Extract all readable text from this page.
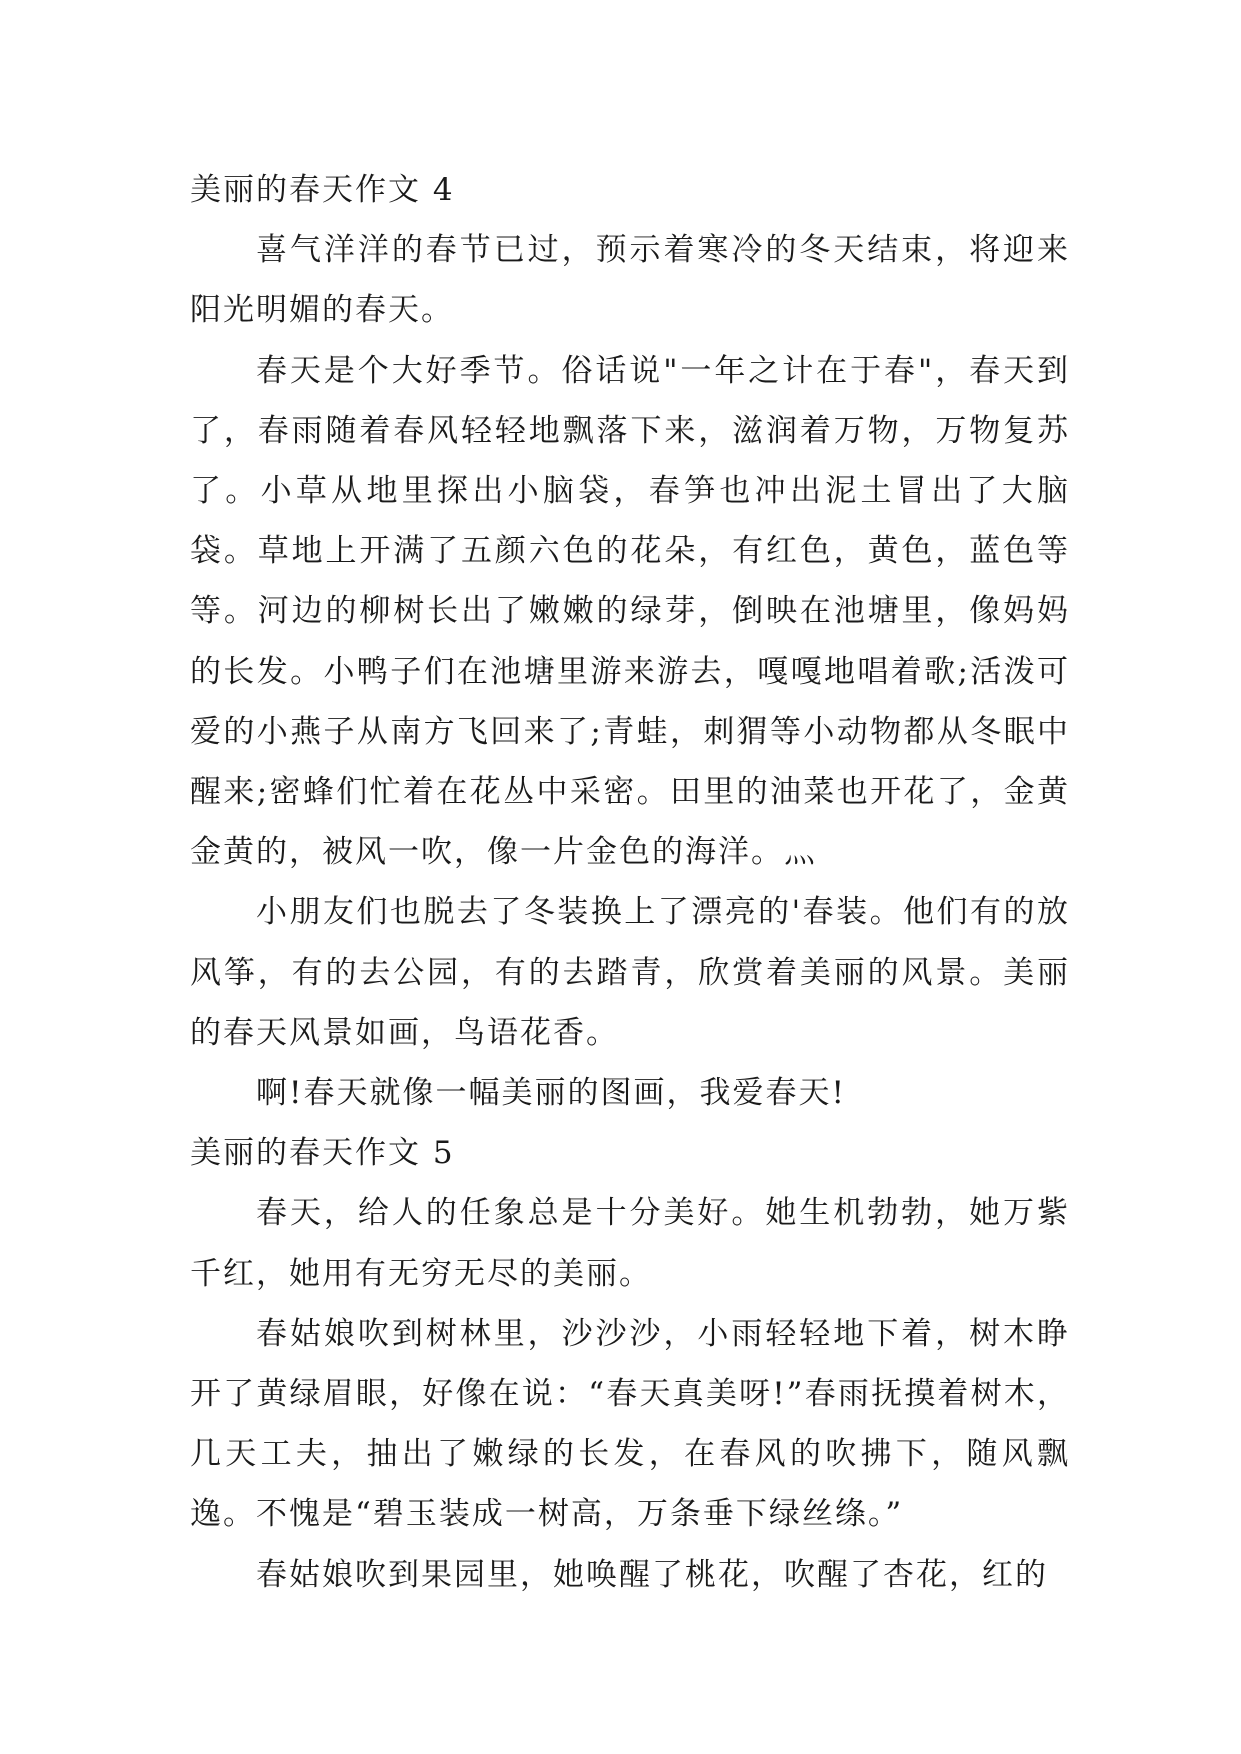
美丽的春天作文 4

喜气洋洋的春节已过，预示着寒冷的冬天结束，将迎来阳光明媚的春天。

春天是个大好季节。俗话说"一年之计在于春"，春天到了，春雨随着春风轻轻地飘落下来，滋润着万物，万物复苏了。小草从地里探出小脑袋，春笋也冲出泥土冒出了大脑袋。草地上开满了五颜六色的花朵，有红色，黄色，蓝色等等。河边的柳树长出了嫩嫩的绿芽，倒映在池塘里，像妈妈的长发。小鸭子们在池塘里游来游去，嘎嘎地唱着歌;活泼可爱的小燕子从南方飞回来了;青蛙，刺猬等小动物都从冬眠中醒来;密蜂们忙着在花丛中采密。田里的油菜也开花了，金黄金黄的，被风一吹，像一片金色的海洋。灬

小朋友们也脱去了冬装换上了漂亮的'春装。他们有的放风筝，有的去公园，有的去踏青，欣赏着美丽的风景。美丽的春天风景如画，鸟语花香。

啊!春天就像一幅美丽的图画，我爱春天!

美丽的春天作文 5

春天，给人的任象总是十分美好。她生机勃勃，她万紫千红，她用有无穷无尽的美丽。

春姑娘吹到树林里，沙沙沙，小雨轻轻地下着，树木睁开了黄绿眉眼，好像在说：“春天真美呀!”春雨抚摸着树木，几天工夫，抽出了嫩绿的长发，在春风的吹拂下，随风飘逸。不愧是“碧玉装成一树高，万条垂下绿丝绦。”

春姑娘吹到果园里，她唤醒了桃花，吹醒了杏花，红的
